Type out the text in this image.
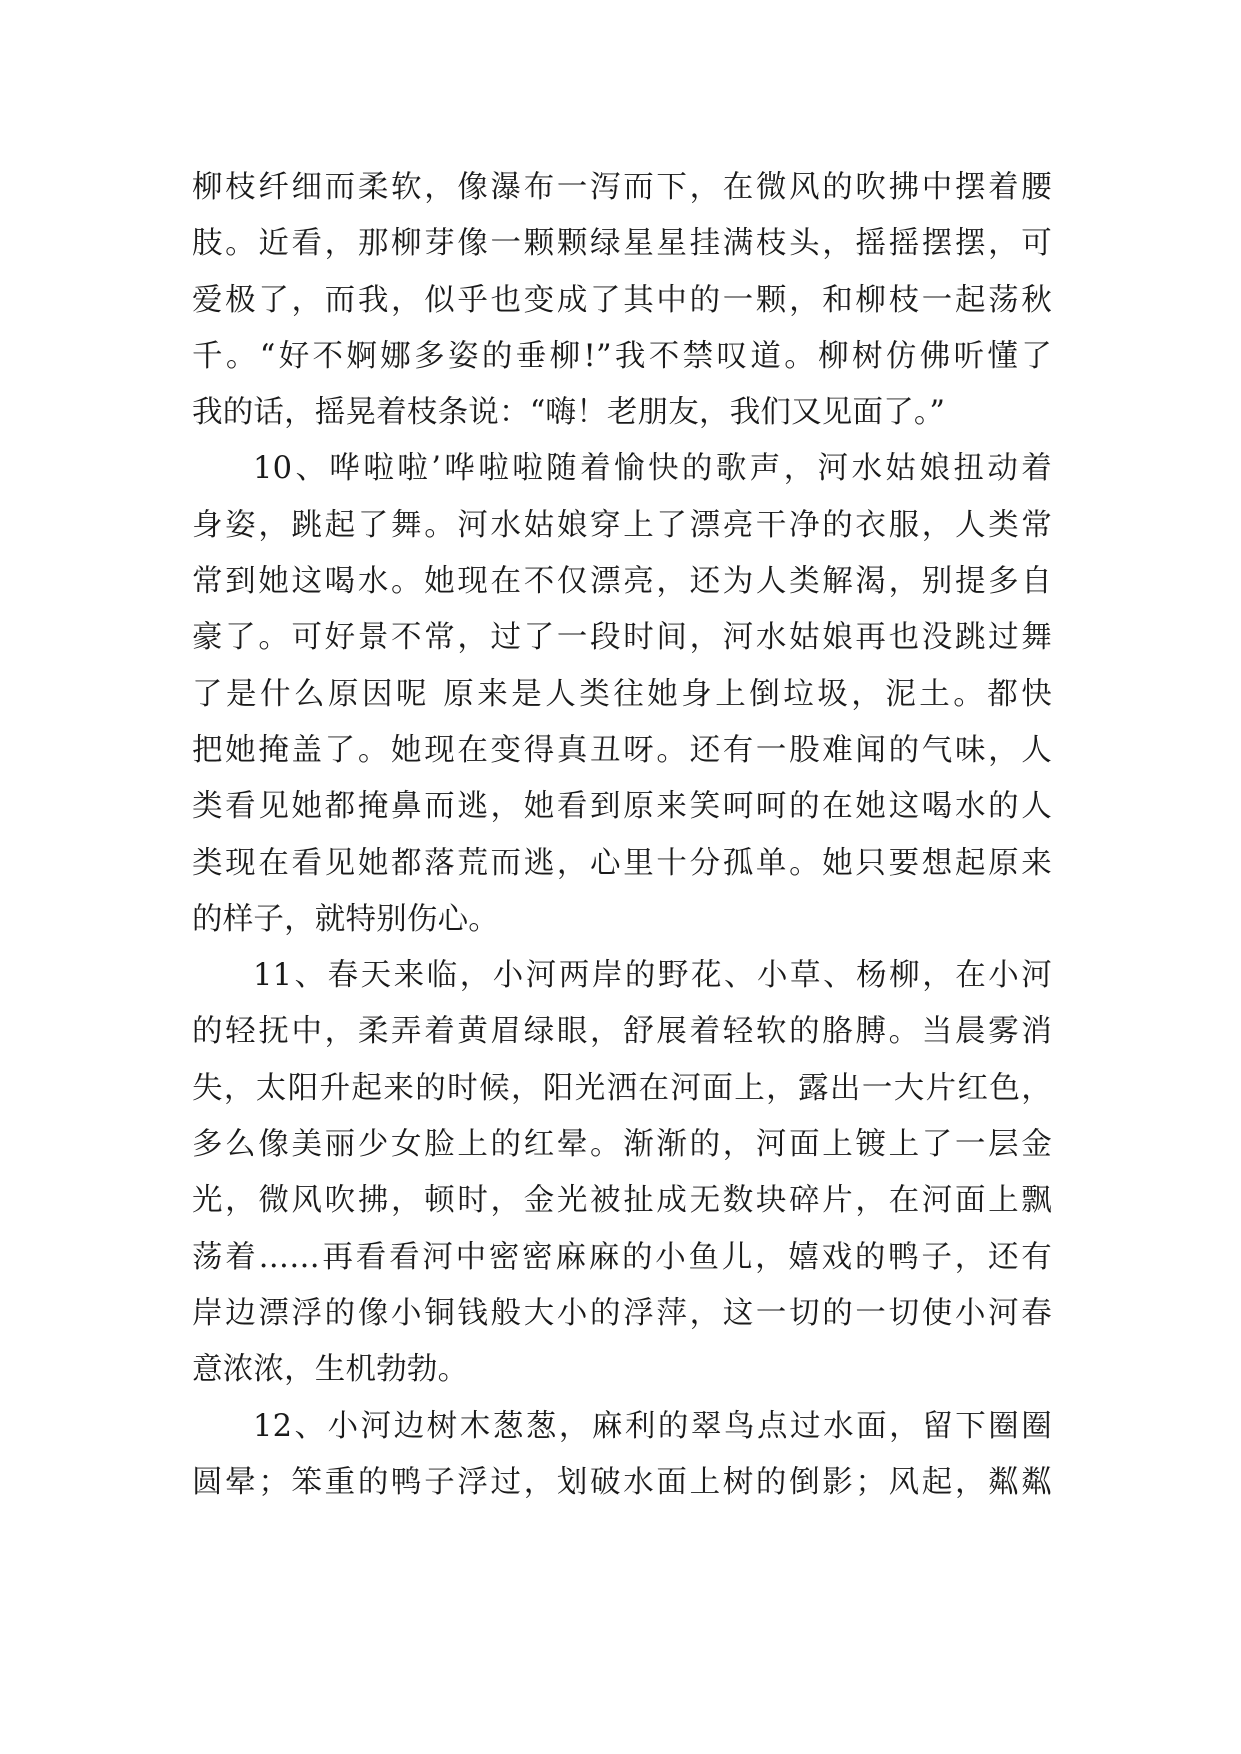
柳枝纤细而柔软，像瀑布一泻而下，在微风的吹拂中摆着腰
肢。近看，那柳芽像一颗颗绿星星挂满枝头，摇摇摆摆，可
爱极了，而我，似乎也变成了其中的一颗，和柳枝一起荡秋
千。“好不婀娜多姿的垂柳!”我不禁叹道。柳树仿佛听懂了
我的话，摇晃着枝条说：“嗨！老朋友，我们又见面了。”
10、哗啦啦’哗啦啦随着愉快的歌声，河水姑娘扭动着
身姿，跳起了舞。河水姑娘穿上了漂亮干净的衣服，人类常
常到她这喝水。她现在不仅漂亮，还为人类解渴，别提多自
豪了。可好景不常，过了一段时间，河水姑娘再也没跳过舞
了是什么原因呢 原来是人类往她身上倒垃圾，泥土。都快
把她掩盖了。她现在变得真丑呀。还有一股难闻的气味，人
类看见她都掩鼻而逃，她看到原来笑呵呵的在她这喝水的人
类现在看见她都落荒而逃，心里十分孤单。她只要想起原来
的样子，就特别伤心。
11、春天来临，小河两岸的野花、小草、杨柳，在小河
的轻抚中，柔弄着黄眉绿眼，舒展着轻软的胳膊。当晨雾消
失，太阳升起来的时候，阳光洒在河面上，露出一大片红色，
多么像美丽少女脸上的红晕。渐渐的，河面上镀上了一层金
光，微风吹拂，顿时，金光被扯成无数块碎片，在河面上飘
荡着……再看看河中密密麻麻的小鱼儿，嬉戏的鸭子，还有
岸边漂浮的像小铜钱般大小的浮萍，这一切的一切使小河春
意浓浓，生机勃勃。
12、小河边树木葱葱，麻利的翠鸟点过水面，留下圈圈
圆晕；笨重的鸭子浮过，划破水面上树的倒影；风起，粼粼
